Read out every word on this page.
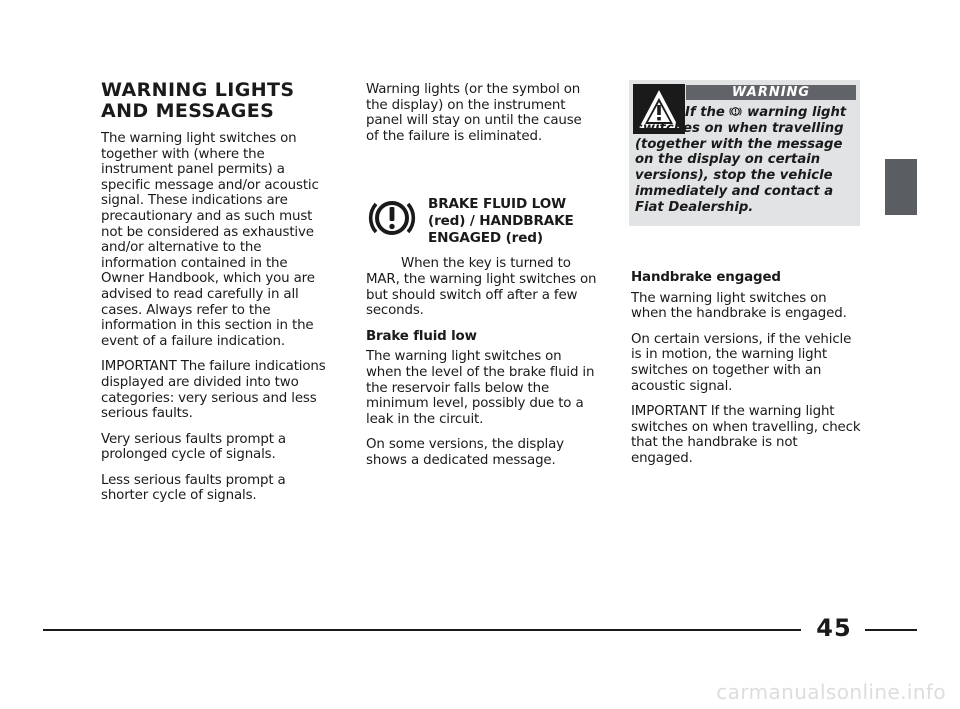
WARNING LIGHTS
AND MESSAGES

The warning light switches on together with (where the instrument panel permits) a specific message and/or acoustic signal. These indications are precautionary and as such must not be considered as exhaustive and/or alternative to the information contained in the Owner Handbook, which you are advised to read carefully in all cases. Always refer to the information in this section in the event of a failure indication.

IMPORTANT The failure indications displayed are divided into two categories: very serious and less serious faults.

Very serious faults prompt a prolonged cycle of signals.

Less serious faults prompt a shorter cycle of signals.

Warning lights (or the symbol on the display) on the instrument panel will stay on until the cause of the failure is eliminated.

BRAKE FLUID LOW
(red) / HANDBRAKE
ENGAGED (red)

When the key is turned to MAR, the warning light switches on but should switch off after a few seconds.

Brake fluid low

The warning light switches on when the level of the brake fluid in the reservoir falls below the minimum level, possibly due to a leak in the circuit.

On some versions, the display shows a dedicated message.

WARNING
If the warning light switches on when travelling (together with the message on the display on certain versions), stop the vehicle immediately and contact a Fiat Dealership.

Handbrake engaged

The warning light switches on when the handbrake is engaged.

On certain versions, if the vehicle is in motion, the warning light switches on together with an acoustic signal.

IMPORTANT If the warning light switches on when travelling, check that the handbrake is not engaged.

45
carmanualsonline.info
